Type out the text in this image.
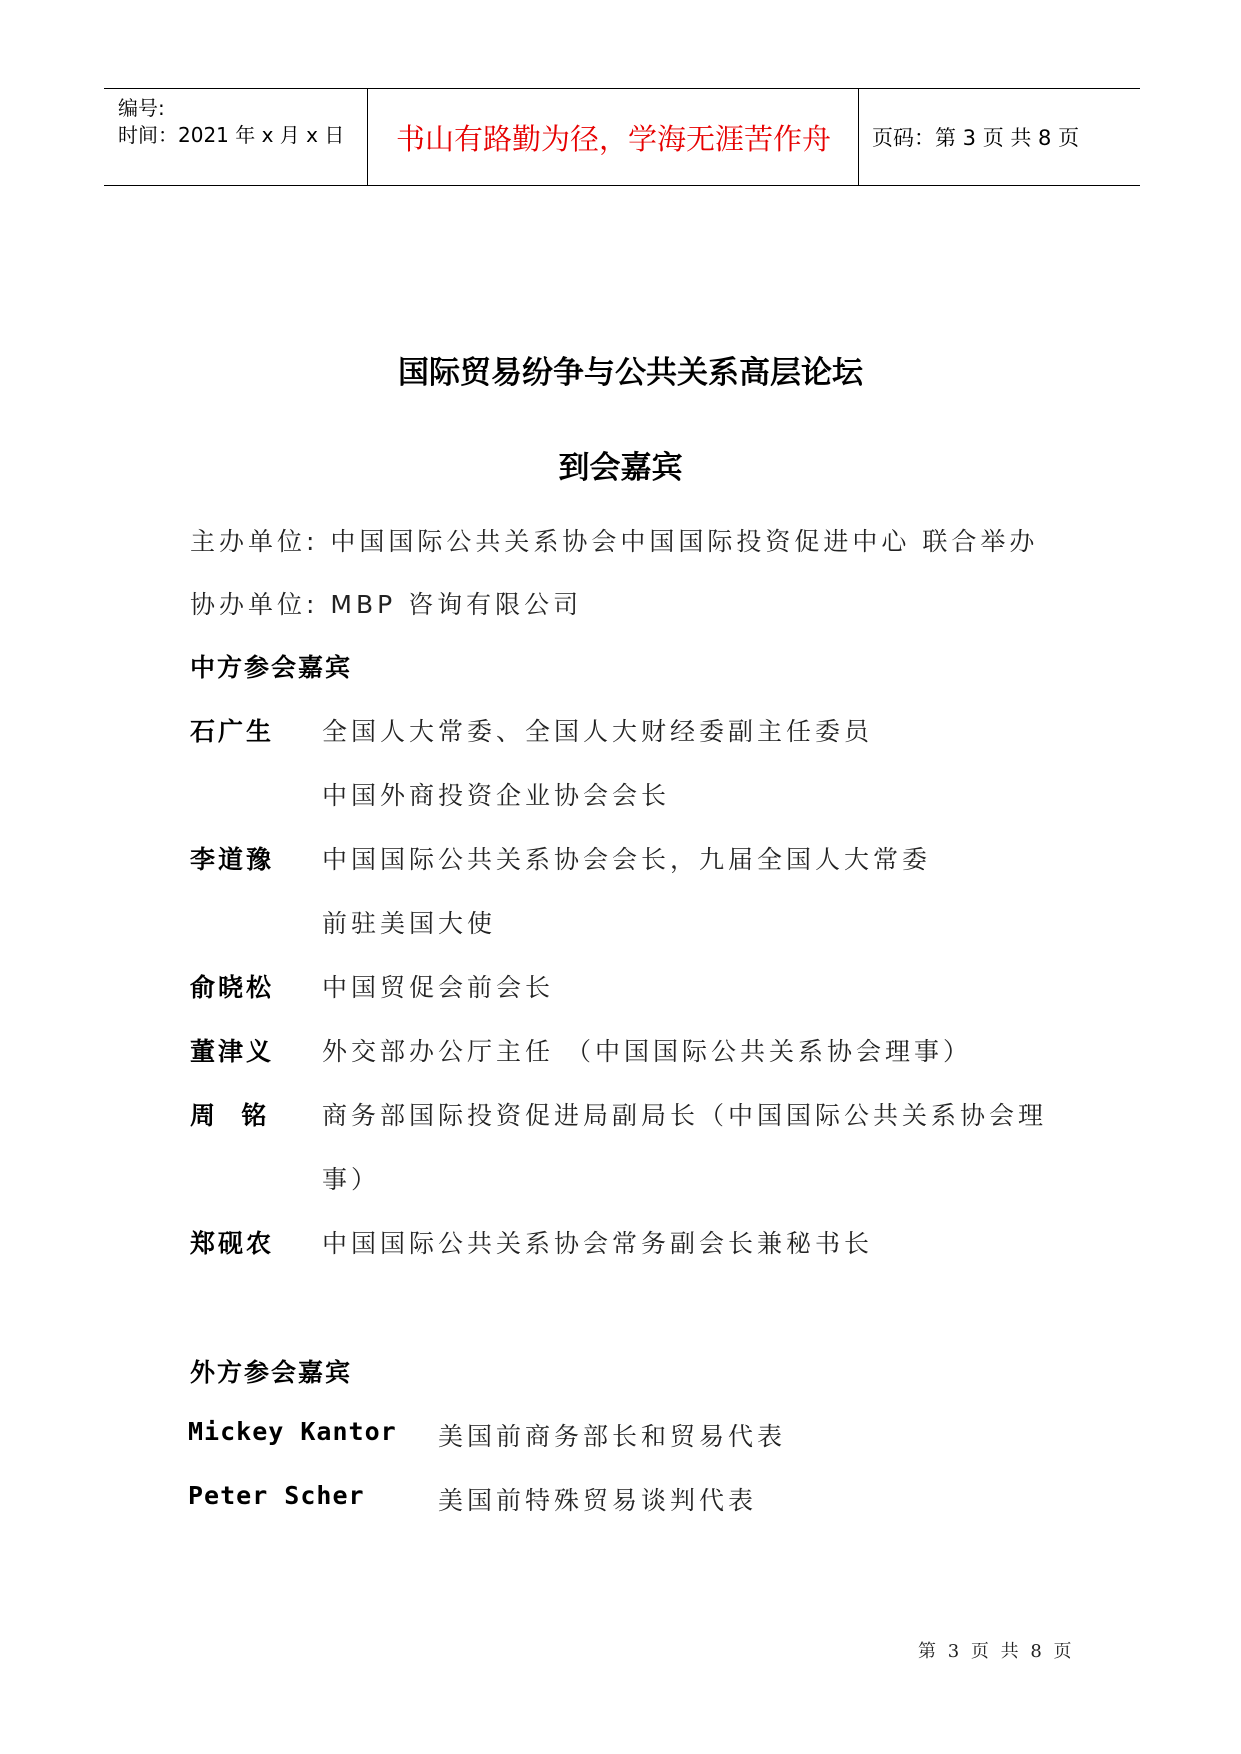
编号:
时间：2021 年 x 月 x 日	书山有路勤为径，学海无涯苦作舟	页码：第 3 页 共 8 页
国际贸易纷争与公共关系高层论坛
到会嘉宾
主办单位: 中国国际公共关系协会中国国际投资促进中心 联合举办
协办单位: MBP 咨询有限公司
中方参会嘉宾
石广生 全国人大常委、全国人大财经委副主任委员
中国外商投资企业协会会长
李道豫 中国国际公共关系协会会长，九届全国人大常委
前驻美国大使
俞晓松 中国贸促会前会长
董津义 外交部办公厅主任 （中国国际公共关系协会理事）
周  铭 商务部国际投资促进局副局长（中国国际公共关系协会理
事）
郑砚农 中国国际公共关系协会常务副会长兼秘书长
外方参会嘉宾
Mickey Kantor 美国前商务部长和贸易代表
Peter Scher	美国前特殊贸易谈判代表
第 3 页 共 8 页
